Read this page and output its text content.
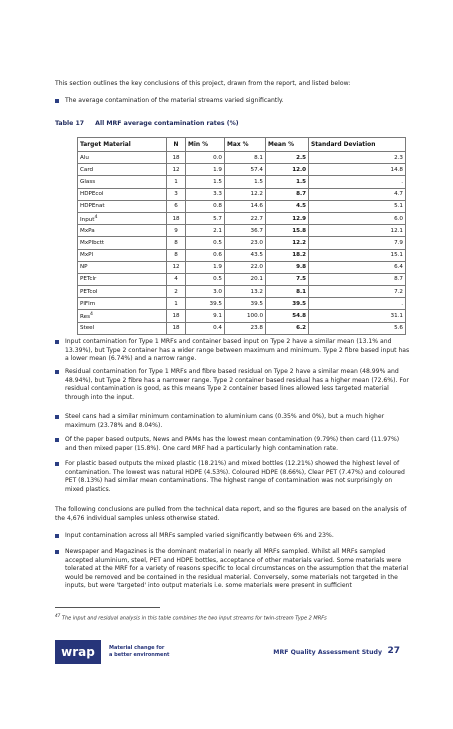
This section outlines the key conclusions of this project, drawn from the report, and listed below:
The average contamination of the material streams varied significantly.
Table 17 All MRF average contamination rates (%)
Target Material	N	Min %	Max %	Mean %	Standard Deviation
Alu	18	0.0	8.1	2.5	2.3
Card	12	1.9	57.4	12.0	14.8
Glass	1	1.5	1.5	1.5	.
HDPEcol	3	3.3	12.2	8.7	4.7
HDPEnat	6	0.8	14.6	4.5	5.1
Input$^4$	18	5.7	22.7	12.9	6.0
MxPa	9	2.1	36.7	15.8	12.1
MxPlbctt	8	0.5	23.0	12.2	7.9
MxPl	8	0.6	43.5	18.2	15.1
NP	12	1.9	22.0	9.8	6.4
PETclr	4	0.5	20.1	7.5	8.7
PETcol	2	3.0	13.2	8.1	7.2
PlFlm	1	39.5	39.5	39.5	.
Res$^4$	18	9.1	100.0	54.8	31.1
Steel	18	0.4	23.8	6.2	5.6
Input contamination for Type 1 MRFs and container based input on Type 2 have a similar mean (13.1% and 13.39%), but Type 2 container has a wider range between maximum and minimum. Type 2 fibre based input has a lower mean (6.74%) and a narrow range.
Residual contamination for Type 1 MRFs and fibre based residual on Type 2 have a similar mean (48.99% and 48.94%), but Type 2 fibre has a narrower range. Type 2 container based residual has a higher mean (72.6%). For residual contamination is good, as this means Type 2 container based lines allowed less targeted material through into the input.
Steel cans had a similar minimum contamination to aluminium cans (0.35% and 0%), but a much higher maximum (23.78% and 8.04%).
Of the paper based outputs, News and PAMs has the lowest mean contamination (9.79%) then card (11.97%) and then mixed paper (15.8%). One card MRF had a particularly high contamination rate.
For plastic based outputs the mixed plastic (18.21%) and mixed bottles (12.21%) showed the highest level of contamination. The lowest was natural HDPE (4.53%). Coloured HDPE (8.66%), Clear PET (7.47%) and coloured PET (8.13%) had similar mean contaminations. The highest range of contamination was not surprisingly on mixed plastics.
The following conclusions are pulled from the technical data report, and so the figures are based on the analysis of the 4,676 individual samples unless otherwise stated.
Input contamination across all MRFs sampled varied significantly between 6% and 23%.
Newspaper and Magazines is the dominant material in nearly all MRFs sampled. Whilst all MRFs sampled accepted aluminium, steel, PET and HDPE bottles, acceptance of other materials varied. Some materials were tolerated at the MRF for a variety of reasons specific to local circumstances on the assumption that the material would be removed and be contained in the residual material. Conversely, some materials not targeted in the inputs, but were 'targeted' into output materials i.e. some materials were present in sufficient
$^{47}$ The input and residual analysis in this table combines the two input streams for twin-stream Type 2 MRFs
wrap	Material change for
a better environment	MRF Quality Assessment Study 27
